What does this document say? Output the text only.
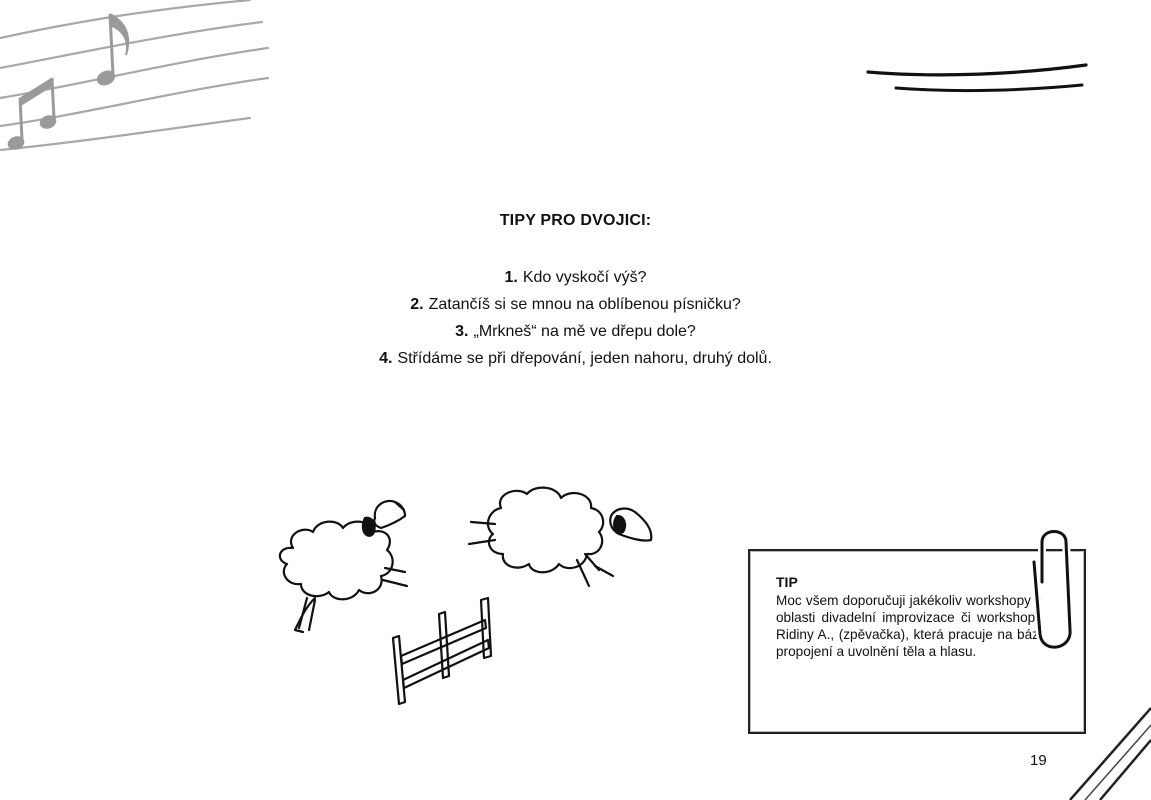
TIPY PRO DVOJICI:
1. Kdo vyskočí výš?
2. Zatančíš si se mnou na oblíbenou písničku?
3. „Mrkneš“ na mě ve dřepu dole?
4. Střídáme se při dřepování, jeden nahoru, druhý dolů.
TIP
Moc všem doporučuji jakékoliv workshopy z oblasti divadelní improvizace či workshopy Ridiny A., (zpěvačka), která pracuje na bázi propojení a uvolnění těla a hlasu.
19
